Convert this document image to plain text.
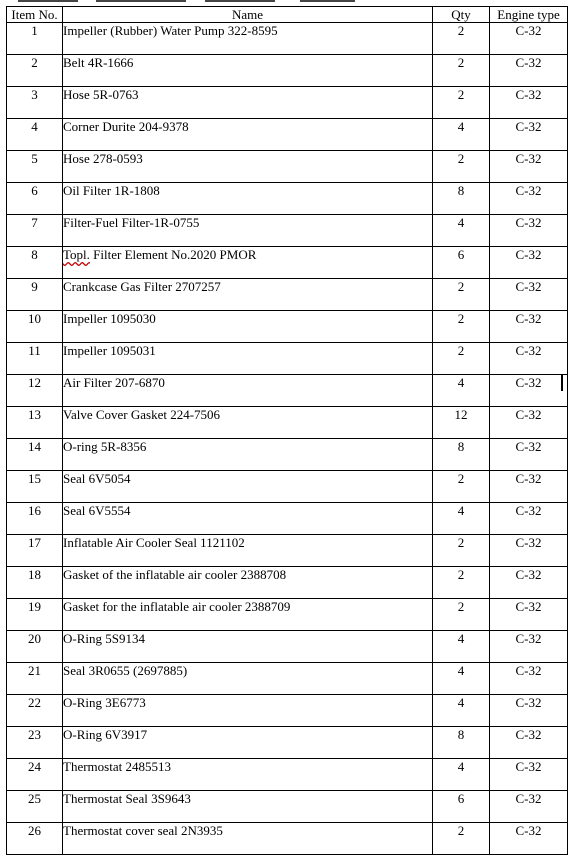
Item No.	Name	Qty	Engine type
1	Impeller (Rubber) Water Pump 322-8595	2	C-32
2	Belt 4R-1666	2	C-32
3	Hose 5R-0763	2	C-32
4	Corner Durite 204-9378	4	C-32
5	Hose 278-0593	2	C-32
6	Oil Filter 1R-1808	8	C-32
7	Filter-Fuel Filter-1R-0755	4	C-32
8	Topl. Filter Element No.2020 PMOR	6	C-32
9	Crankcase Gas Filter 2707257	2	C-32
10	Impeller 1095030	2	C-32
11	Impeller 1095031	2	C-32
12	Air Filter 207-6870	4	C-32
13	Valve Cover Gasket 224-7506	12	C-32
14	O-ring 5R-8356	8	C-32
15	Seal 6V5054	2	C-32
16	Seal 6V5554	4	C-32
17	Inflatable Air Cooler Seal 1121102	2	C-32
18	Gasket of the inflatable air cooler 2388708	2	C-32
19	Gasket for the inflatable air cooler 2388709	2	C-32
20	O-Ring 5S9134	4	C-32
21	Seal 3R0655 (2697885)	4	C-32
22	O-Ring 3E6773	4	C-32
23	O-Ring 6V3917	8	C-32
24	Thermostat 2485513	4	C-32
25	Thermostat Seal 3S9643	6	C-32
26	Thermostat cover seal 2N3935	2	C-32
